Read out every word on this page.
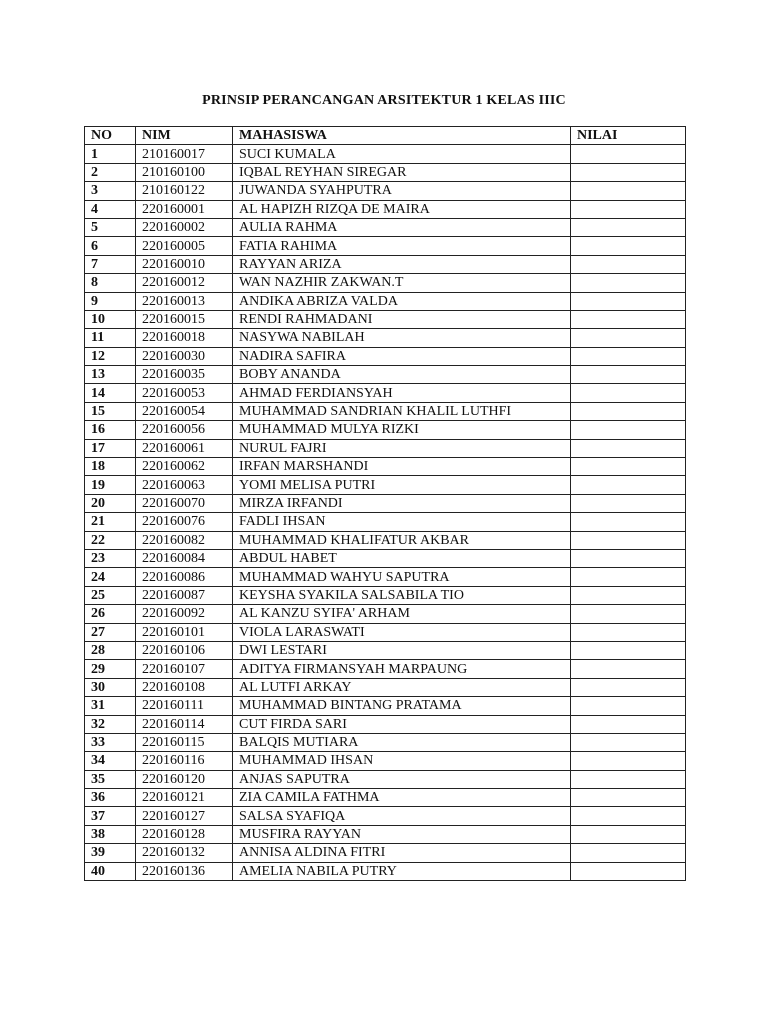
PRINSIP PERANCANGAN ARSITEKTUR 1 KELAS IIIC
NO	NIM	MAHASISWA	NILAI
1	210160017	SUCI KUMALA	
2	210160100	IQBAL REYHAN SIREGAR	
3	210160122	JUWANDA SYAHPUTRA	
4	220160001	AL HAPIZH RIZQA DE MAIRA	
5	220160002	AULIA RAHMA	
6	220160005	FATIA RAHIMA	
7	220160010	RAYYAN ARIZA	
8	220160012	WAN NAZHIR ZAKWAN.T	
9	220160013	ANDIKA ABRIZA VALDA	
10	220160015	RENDI RAHMADANI	
11	220160018	NASYWA NABILAH	
12	220160030	NADIRA SAFIRA	
13	220160035	BOBY ANANDA	
14	220160053	AHMAD FERDIANSYAH	
15	220160054	MUHAMMAD SANDRIAN KHALIL LUTHFI	
16	220160056	MUHAMMAD MULYA RIZKI	
17	220160061	NURUL FAJRI	
18	220160062	IRFAN MARSHANDI	
19	220160063	YOMI MELISA PUTRI	
20	220160070	MIRZA IRFANDI	
21	220160076	FADLI IHSAN	
22	220160082	MUHAMMAD KHALIFATUR AKBAR	
23	220160084	ABDUL HABET	
24	220160086	MUHAMMAD WAHYU SAPUTRA	
25	220160087	KEYSHA SYAKILA SALSABILA TIO	
26	220160092	AL KANZU SYIFA' ARHAM	
27	220160101	VIOLA LARASWATI	
28	220160106	DWI LESTARI	
29	220160107	ADITYA FIRMANSYAH MARPAUNG	
30	220160108	AL LUTFI ARKAY	
31	220160111	MUHAMMAD BINTANG PRATAMA	
32	220160114	CUT FIRDA SARI	
33	220160115	BALQIS MUTIARA	
34	220160116	MUHAMMAD IHSAN	
35	220160120	ANJAS SAPUTRA	
36	220160121	ZIA CAMILA FATHMA	
37	220160127	SALSA SYAFIQA	
38	220160128	MUSFIRA RAYYAN	
39	220160132	ANNISA ALDINA FITRI	
40	220160136	AMELIA NABILA PUTRY	
